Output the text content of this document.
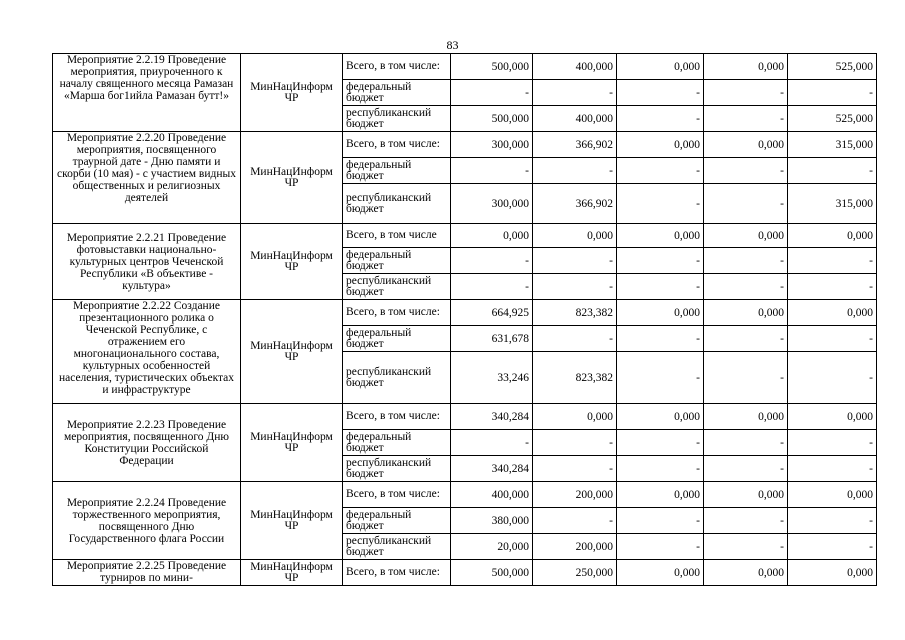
83
Мероприятие 2.2.19 Проведение мероприятия, приуроченного к началу священного месяца Рамазан «Марша бог1ийла Рамазан бутт!»	МинНацИнформ ЧР	Всего, в том числе:	500,000	400,000	0,000	0,000	525,000
		федеральный бюджет	-	-	-	-	-
		республиканский бюджет	500,000	400,000	-	-	525,000
Мероприятие 2.2.20 Проведение мероприятия, посвященного траурной дате - Дню памяти и скорби (10 мая) - с участием видных общественных и религиозных деятелей	МинНацИнформ ЧР	Всего, в том числе:	300,000	366,902	0,000	0,000	315,000
		федеральный бюджет	-	-	-	-	-
		республиканский бюджет	300,000	366,902	-	-	315,000
Мероприятие 2.2.21 Проведение фотовыставки национально-культурных центров Чеченской Республики «В объективе - культура»	МинНацИнформ ЧР	Всего, в том числе	0,000	0,000	0,000	0,000	0,000
		федеральный бюджет	-	-	-	-	-
		республиканский бюджет	-	-	-	-	-
Мероприятие 2.2.22 Создание презентационного ролика о Чеченской Республике, с отражением его многонационального состава, культурных особенностей населения, туристических объектах и инфраструктуре	МинНацИнформ ЧР	Всего, в том числе:	664,925	823,382	0,000	0,000	0,000
		федеральный бюджет	631,678	-	-	-	-
		республиканский бюджет	33,246	823,382	-	-	-
Мероприятие 2.2.23 Проведение мероприятия, посвященного Дню Конституции Российской Федерации	МинНацИнформ ЧР	Всего, в том числе:	340,284	0,000	0,000	0,000	0,000
		федеральный бюджет	-	-	-	-	-
		республиканский бюджет	340,284	-	-	-	-
Мероприятие 2.2.24 Проведение торжественного мероприятия, посвященного Дню Государственного флага России	МинНацИнформ ЧР	Всего, в том числе:	400,000	200,000	0,000	0,000	0,000
		федеральный бюджет	380,000	-	-	-	-
		республиканский бюджет	20,000	200,000	-	-	-
Мероприятие 2.2.25 Проведение турниров по мини-	МинНацИнформ ЧР	Всего, в том числе:	500,000	250,000	0,000	0,000	0,000
